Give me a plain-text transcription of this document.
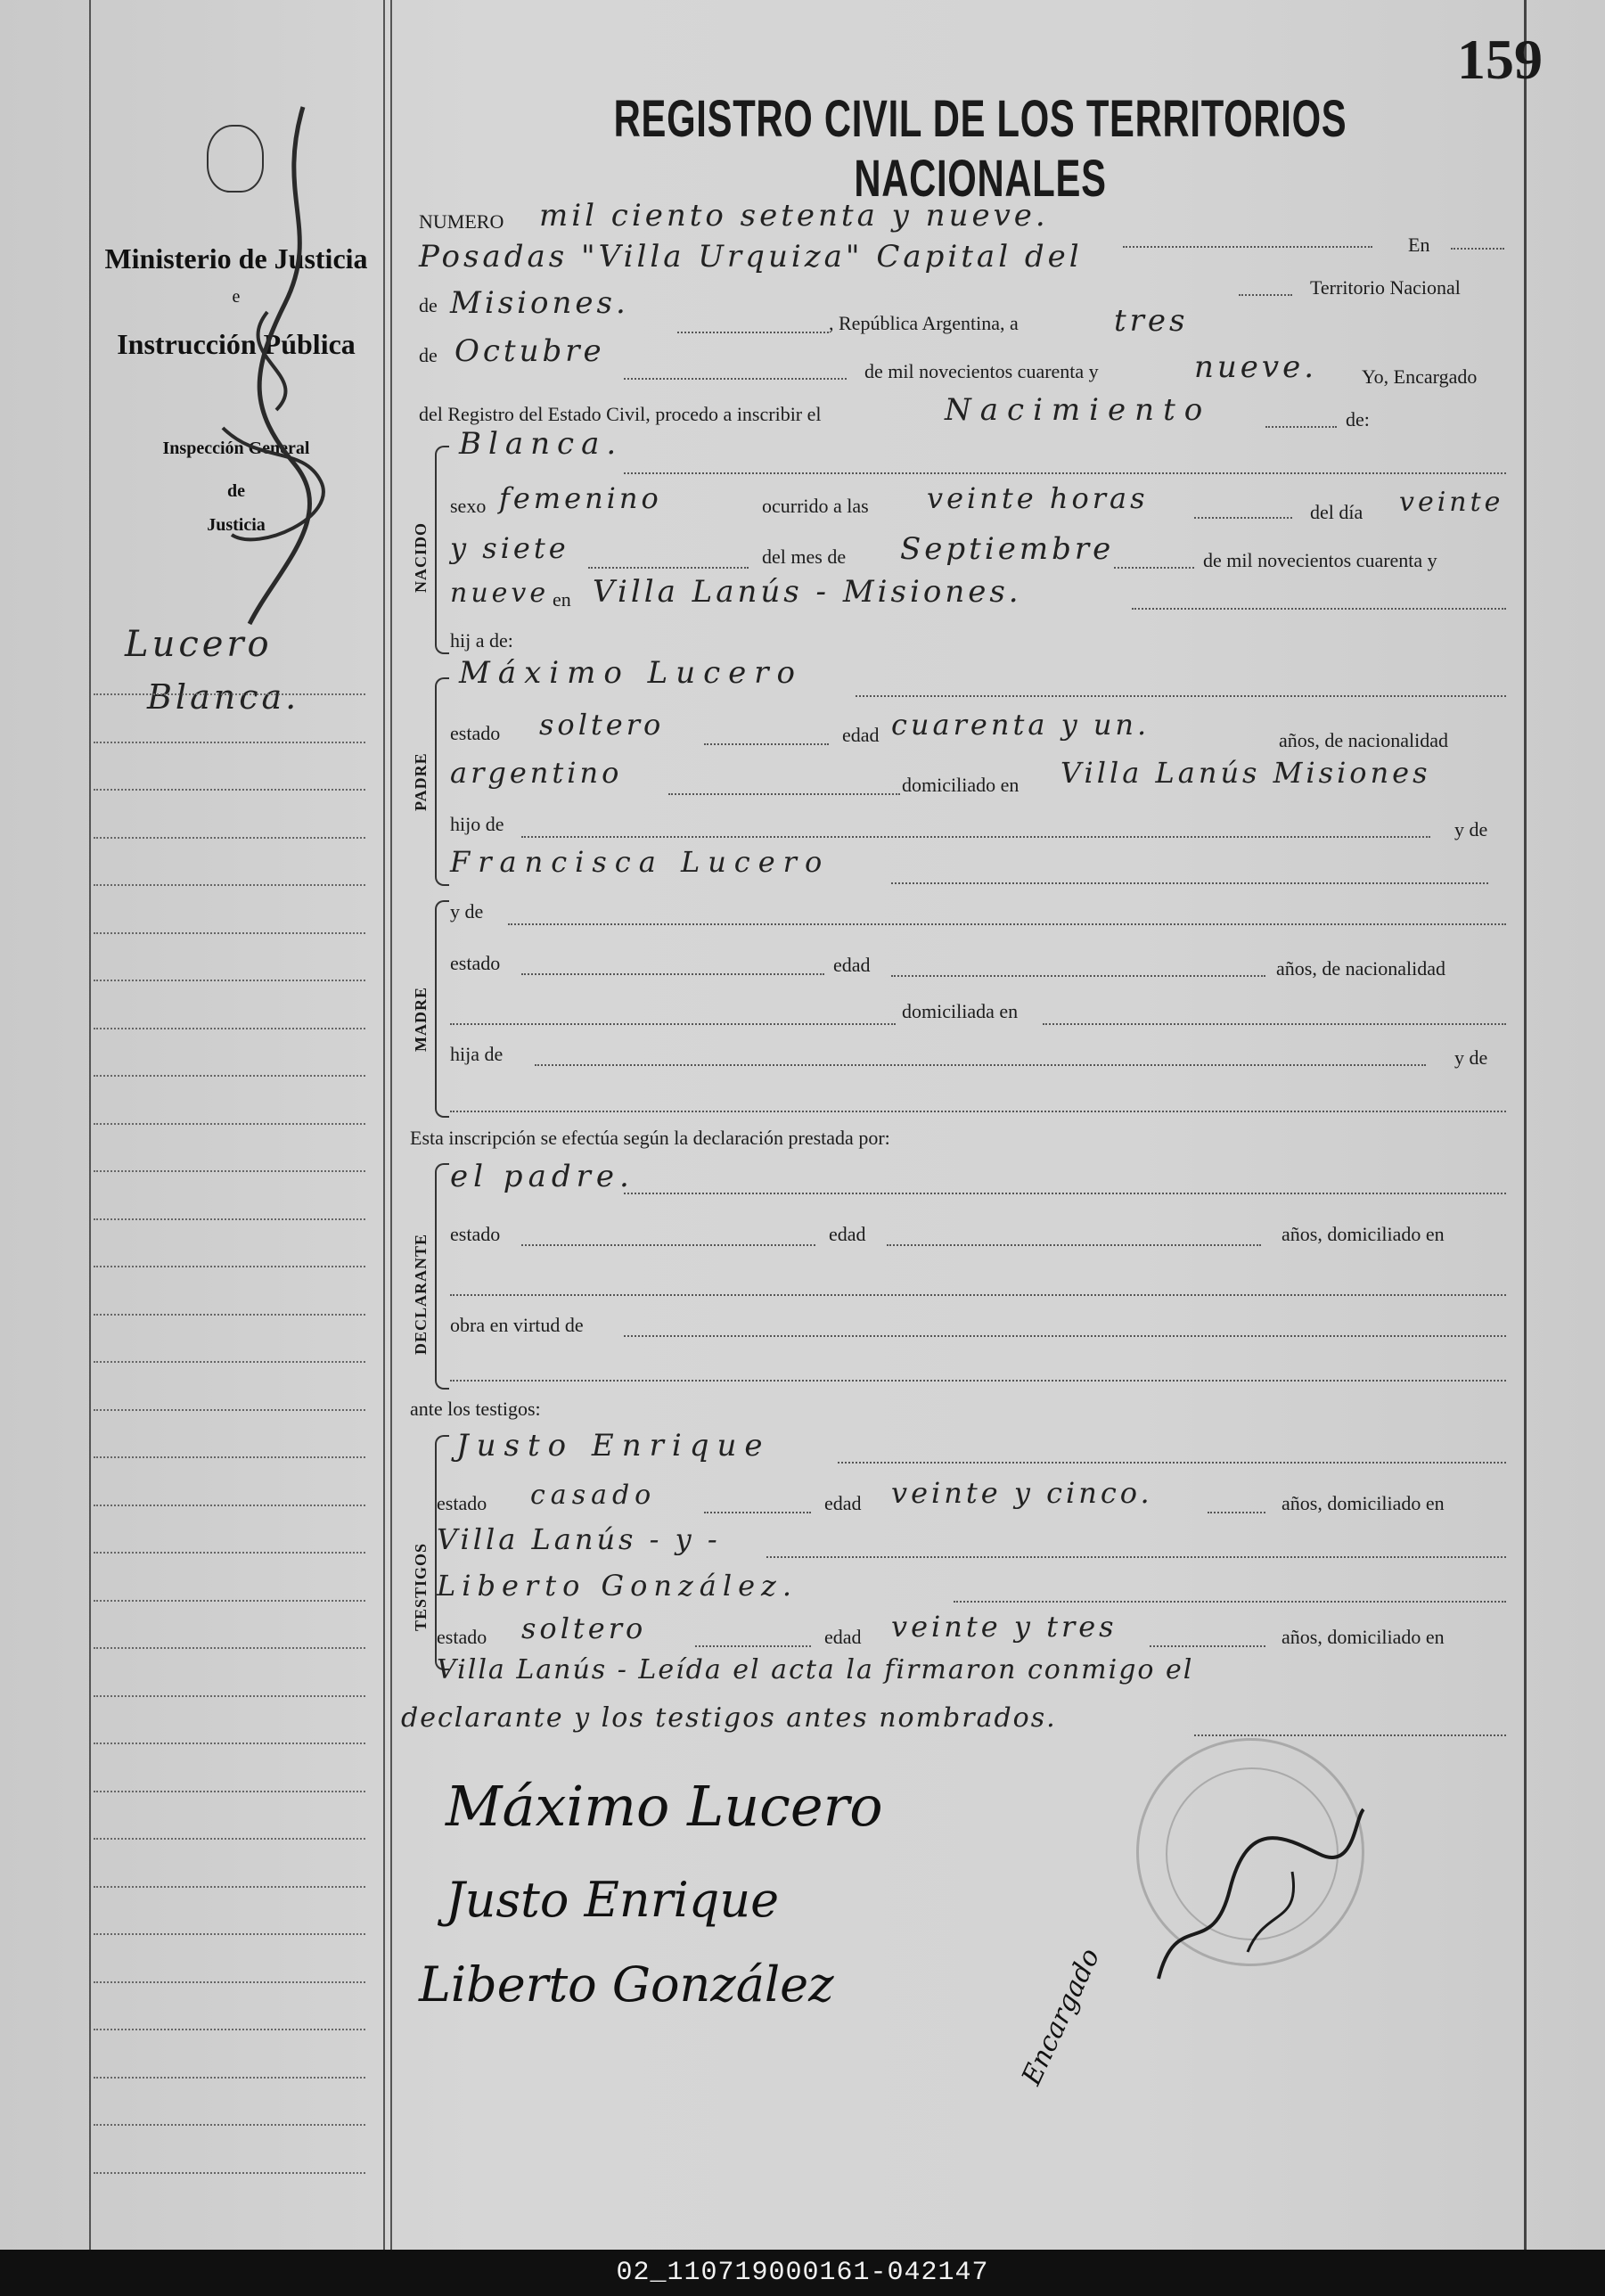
Ministerio de Justicia
e
Instrucción Pública
Inspección General
de
Justicia
Lucero
Blanca.
159
REGISTRO CIVIL DE LOS TERRITORIOS NACIONALES
NUMERO mil ciento setenta y nueve.
En
Posadas "Villa Urquiza" Capital del
Territorio Nacional
de Misiones.
, República Argentina, a	tres
de Octubre
de mil novecientos cuarenta y	nueve. Yo, Encargado
del Registro del Estado Civil, procedo a inscribir el	Nacimiento	de:
NACIDO
Blanca.
sexo femenino	ocurrido a las veinte horas	del día veinte
y siete	del mes de Septiembre	de mil novecientos cuarenta y
nueve en Villa Lanús - Misiones.
hij a de:
PADRE
Máximo Lucero
estado soltero	edad cuarenta y un.	años, de nacionalidad
argentino	domiciliado en Villa Lanús Misiones
hijo de	y de
Francisca Lucero
MADRE
y de
estado	edad	años, de nacionalidad
domiciliada en
hija de	y de
Esta inscripción se efectúa según la declaración prestada por:
DECLARANTE
el padre.
estado	edad	años, domiciliado en
obra en virtud de
ante los testigos:
TESTIGOS
Justo Enrique
estado casado	edad veinte y cinco.	años, domiciliado en
Villa Lanús - y -
Liberto González.
estado soltero	edad veinte y tres	años, domiciliado en
Villa Lanús - Leída el acta la firmaron conmigo el
declarante y los testigos antes nombrados.
Máximo Lucero
Justo Enrique
Liberto González	Encargado
02_110719000161-042147
